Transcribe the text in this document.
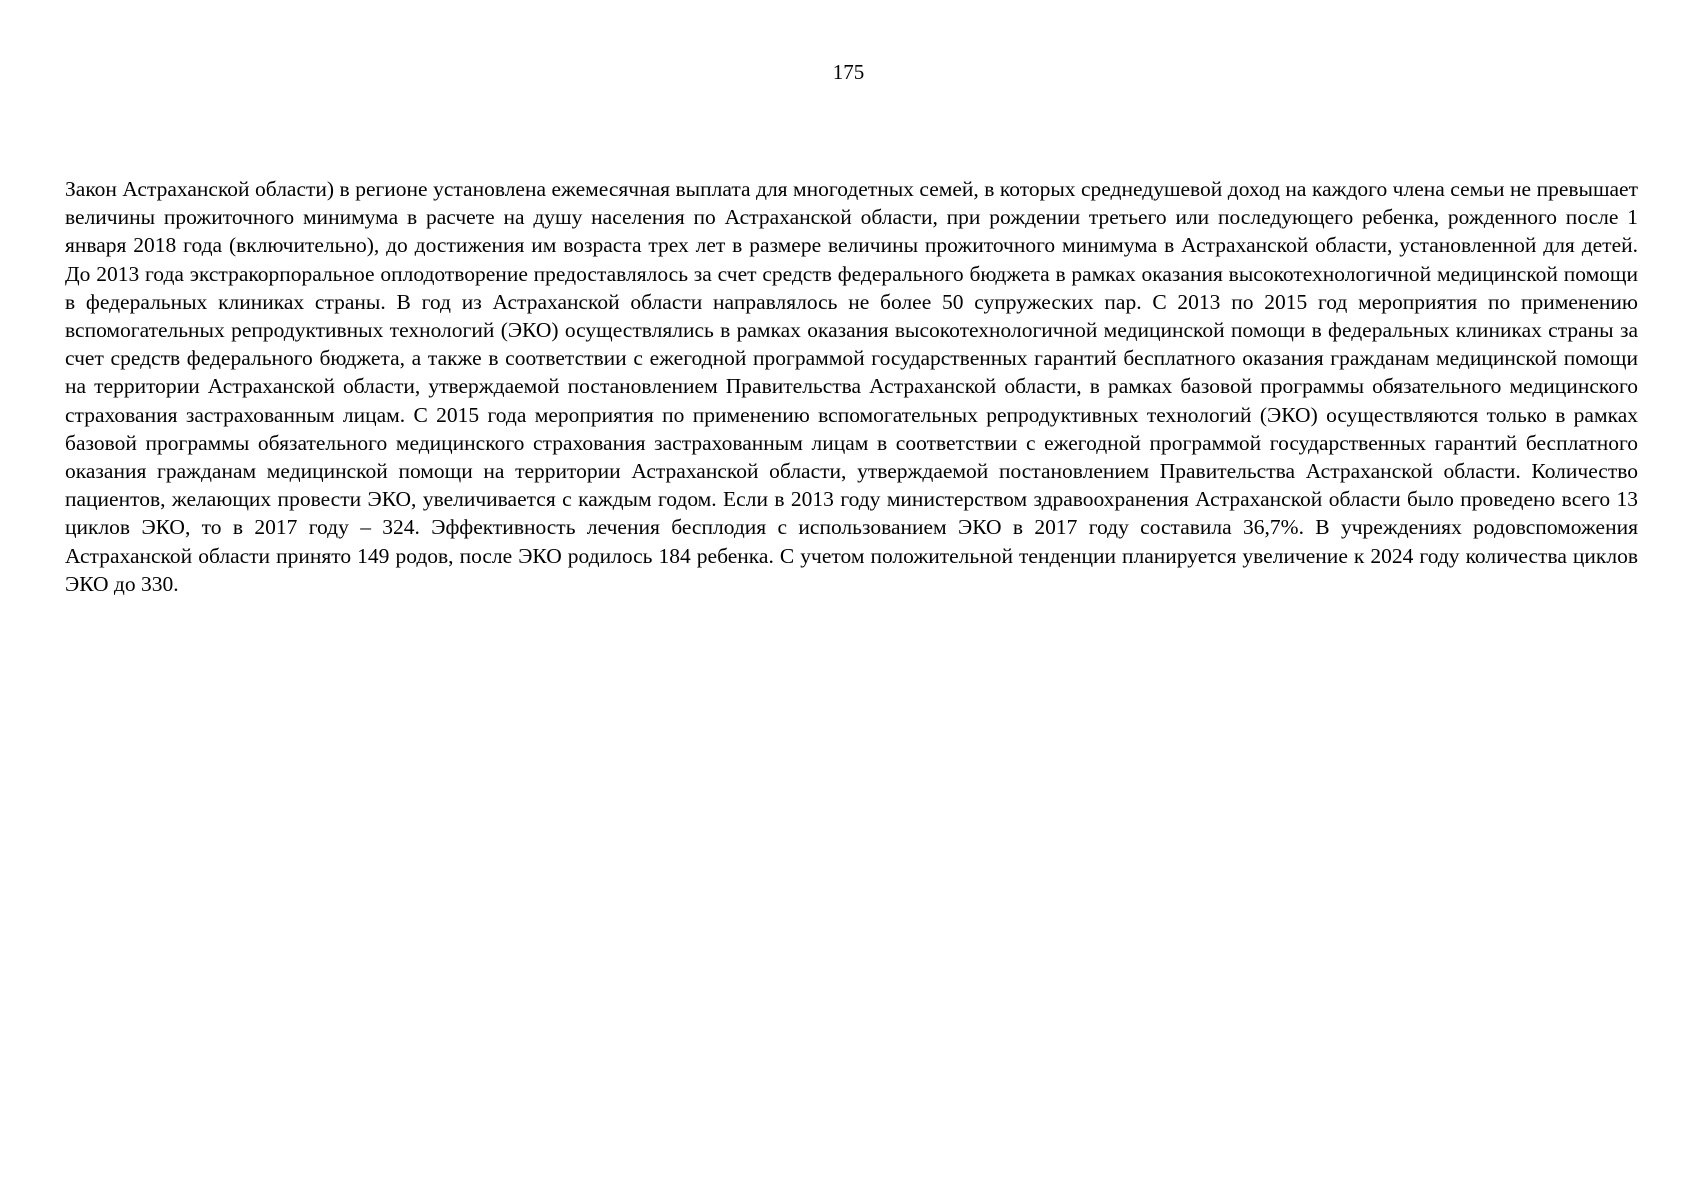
175

Закон Астраханской области) в регионе установлена ежемесячная выплата для многодетных семей, в которых среднедушевой доход на каждого члена семьи не превышает величины прожиточного минимума в расчете на душу населения по Астраханской области, при рождении третьего или последующего ребенка, рожденного после 1 января 2018 года (включительно), до достижения им возраста трех лет в размере величины прожиточного минимума в Астраханской области, установленной для детей. До 2013 года экстракорпоральное оплодотворение предоставлялось за счет средств федерального бюджета в рамках оказания высокотехнологичной медицинской помощи в федеральных клиниках страны. В год из Астраханской области направлялось не более 50 супружеских пар. С 2013 по 2015 год мероприятия по применению вспомогательных репродуктивных технологий (ЭКО) осуществлялись в рамках оказания высокотехнологичной медицинской помощи в федеральных клиниках страны за счет средств федерального бюджета, а также в соответствии с ежегодной программой государственных гарантий бесплатного оказания гражданам медицинской помощи на территории Астраханской области, утверждаемой постановлением Правительства Астраханской области, в рамках базовой программы обязательного медицинского страхования застрахованным лицам. С 2015 года мероприятия по применению вспомогательных репродуктивных технологий (ЭКО) осуществляются только в рамках базовой программы обязательного медицинского страхования застрахованным лицам в соответствии с ежегодной программой государственных гарантий бесплатного оказания гражданам медицинской помощи на территории Астраханской области, утверждаемой постановлением Правительства Астраханской области. Количество пациентов, желающих провести ЭКО, увеличивается с каждым годом. Если в 2013 году министерством здравоохранения Астраханской области было проведено всего 13 циклов ЭКО, то в 2017 году – 324. Эффективность лечения бесплодия с использованием ЭКО в 2017 году составила 36,7%. В учреждениях родовспоможения Астраханской области принято 149 родов, после ЭКО родилось 184 ребенка. С учетом положительной тенденции планируется увеличение к 2024 году количества циклов ЭКО до 330.
